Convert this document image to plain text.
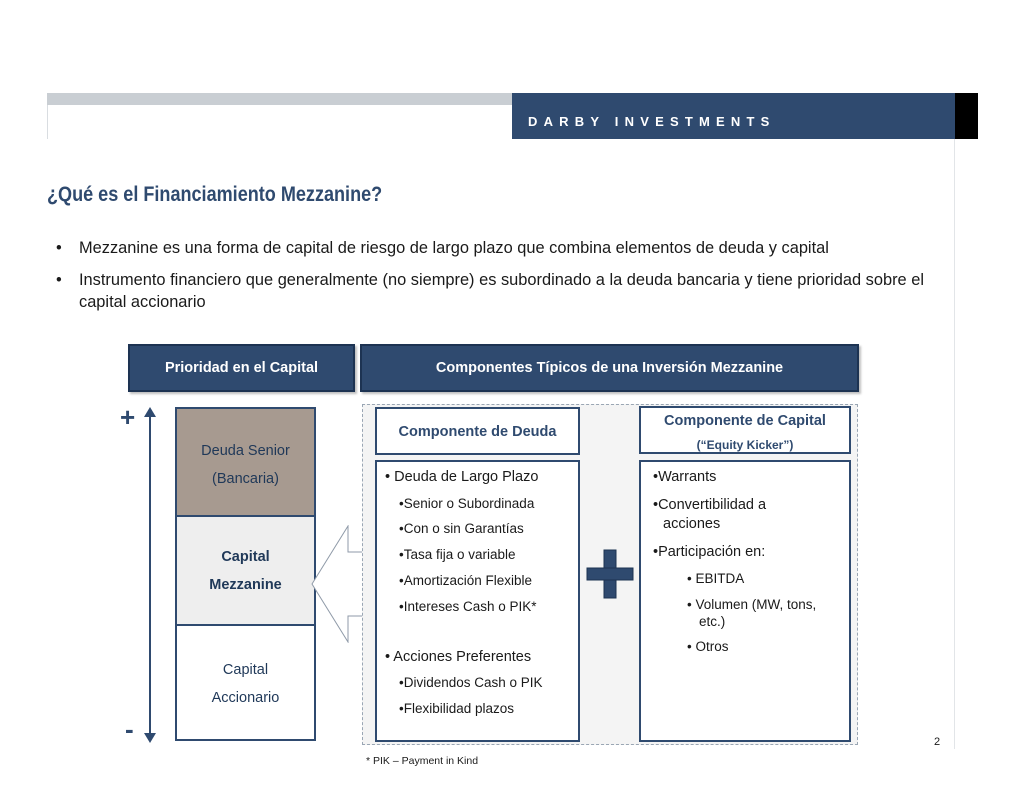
DARBY INVESTMENTS
¿Qué es el Financiamiento Mezzanine?
• Mezzanine es una forma de capital de riesgo de largo plazo que combina elementos de deuda y capital
• Instrumento financiero que generalmente (no siempre) es subordinado a la deuda bancaria y tiene prioridad sobre el capital accionario
Prioridad en el Capital	Componentes Típicos de una Inversión Mezzanine
+
-
Deuda Senior
(Bancaria)
Capital
Mezzanine
Capital
Accionario
Componente de Deuda
Componente de Capital
(“Equity Kicker”)
• Deuda de Largo Plazo
•Senior o Subordinada
•Con o sin Garantías
•Tasa fija o variable
•Amortización Flexible
•Intereses Cash o PIK*
• Acciones Preferentes
•Dividendos Cash o PIK
•Flexibilidad plazos
•Warrants
•Convertibilidad a
acciones
•Participación en:
• EBITDA
• Volumen (MW, tons,
etc.)
• Otros
* PIK – Payment in Kind
2
